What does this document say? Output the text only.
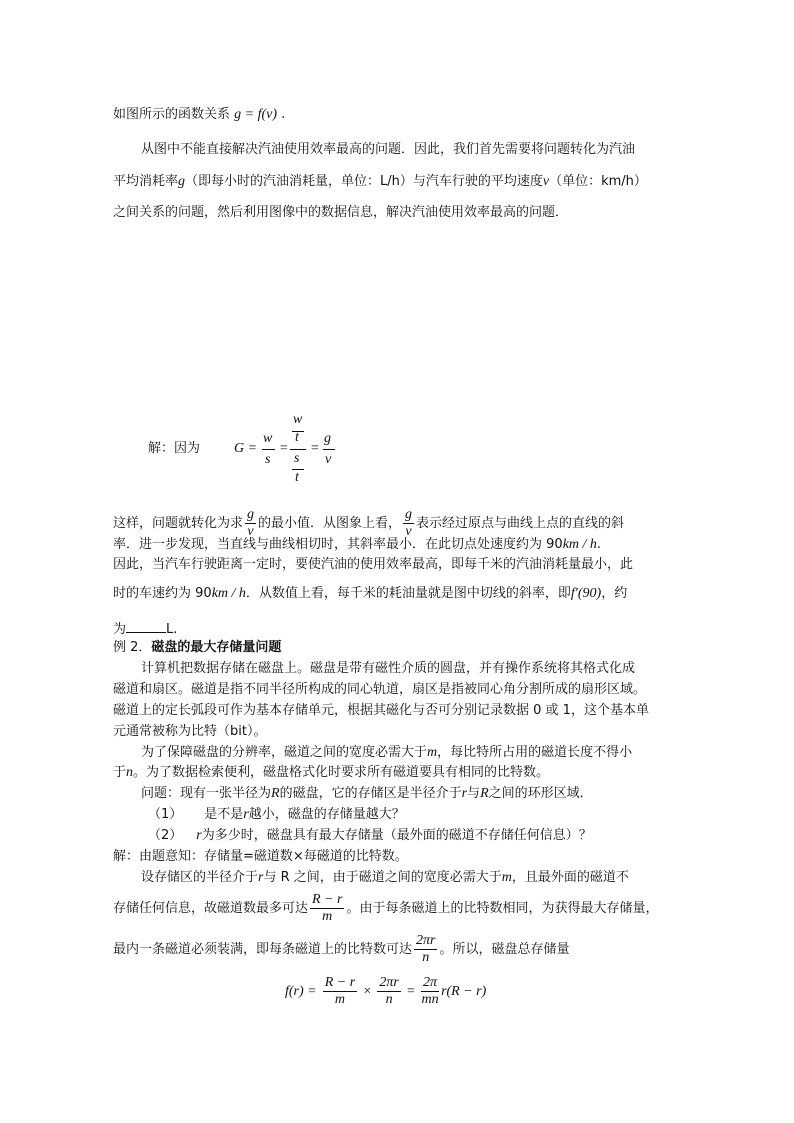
如图所示的函数关系 g = f(v) .
从图中不能直接解决汽油使用效率最高的问题．因此，我们首先需要将问题转化为汽油
平均消耗率g（即每小时的汽油消耗量，单位：L/h）与汽车行驶的平均速度v（单位：km/h）
之间关系的问题，然后利用图像中的数据信息，解决汽油使用效率最高的问题．
解：因为 G =
w
s
=
w
t
s
t
=
g
v
这样，问题就转化为求 $\frac{g}{v}$ 的最小值．从图象上看， $\frac{g}{v}$ 表示经过原点与曲线上点的直线的斜
率．进一步发现，当直线与曲线相切时，其斜率最小．在此切点处速度约为 90km / h.
因此，当汽车行驶距离一定时，要使汽油的使用效率最高，即每千米的汽油消耗量最小，此
时的车速约为 90km / h．从数值上看，每千米的耗油量就是图中切线的斜率，即f′(90)，约
为	L.
例 2．磁盘的最大存储量问题
计算机把数据存储在磁盘上。磁盘是带有磁性介质的圆盘，并有操作系统将其格式化成
磁道和扇区。磁道是指不同半径所构成的同心轨道，扇区是指被同心角分割所成的扇形区域。
磁道上的定长弧段可作为基本存储单元，根据其磁化与否可分别记录数据 0 或 1，这个基本单
元通常被称为比特（bit）。
为了保障磁盘的分辨率，磁道之间的宽度必需大于m，每比特所占用的磁道长度不得小
于n。为了数据检索便利，磁盘格式化时要求所有磁道要具有相同的比特数。
问题：现有一张半径为R的磁盘，它的存储区是半径介于r与R之间的环形区域．
（1） 是不是r越小，磁盘的存储量越大？
（2） r为多少时，磁盘具有最大存储量（最外面的磁道不存储任何信息）？
解：由题意知：存储量=磁道数×每磁道的比特数。
设存储区的半径介于r与 R 之间，由于磁道之间的宽度必需大于m，且最外面的磁道不
存储任何信息，故磁道数最多可达 $\frac{R - r}{m}$ 。由于每条磁道上的比特数相同，为获得最大存储量，
最内一条磁道必须装满，即每条磁道上的比特数可达 $\frac{2\pi r}{n}$ 。所以，磁盘总存储量
$f(r) = \frac{R - r}{m} \times \frac{2\pi r}{n} = \frac{2\pi}{mn} r(R - r)$
